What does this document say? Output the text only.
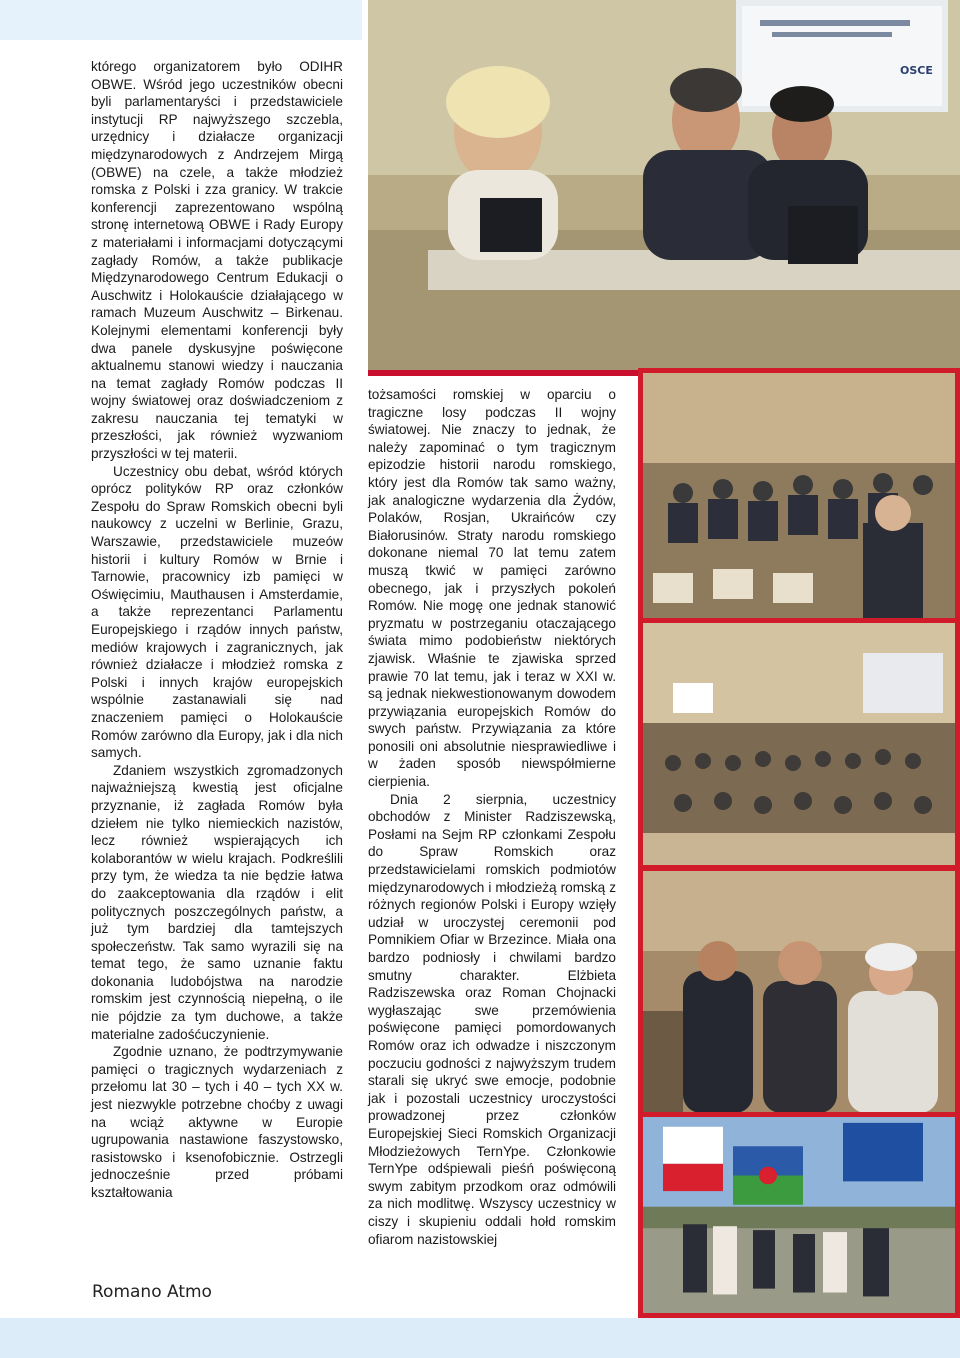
którego organizatorem było ODIHR OBWE. Wśród jego uczestników obecni byli parlamentaryści i przedstawiciele instytucji RP najwyższego szczebla, urzędnicy i działacze organizacji międzynarodowych z Andrzejem Mirgą (OBWE) na czele, a także młodzież romska z Polski i zza granicy. W trakcie konferencji zaprezentowano wspólną stronę internetową OBWE i Rady Europy z materiałami i informacjami dotyczącymi zagłady Romów, a także publikacje Międzynarodowego Centrum Edukacji o Auschwitz i Holokauście działającego w ramach Muzeum Auschwitz – Birkenau. Kolejnymi elementami konferencji były dwa panele dyskusyjne poświęcone aktualnemu stanowi wiedzy i nauczania na temat zagłady Romów podczas II wojny światowej oraz doświadczeniom z zakresu nauczania tej tematyki w przeszłości, jak również wyzwaniom przyszłości w tej materii.

Uczestnicy obu debat, wśród których oprócz polityków RP oraz członków Zespołu do Spraw Romskich obecni byli naukowcy z uczelni w Berlinie, Grazu, Warszawie, przedstawiciele muzeów historii i kultury Romów w Brnie i Tarnowie, pracownicy izb pamięci w Oświęcimiu, Mauthausen i Amsterdamie, a także reprezentanci Parlamentu Europejskiego i rządów innych państw, mediów krajowych i zagranicznych, jak również działacze i młodzież romska z Polski i innych krajów europejskich wspólnie zastanawiali się nad znaczeniem pamięci o Holokauście Romów zarówno dla Europy, jak i dla nich samych.

Zdaniem wszystkich zgromadzonych najważniejszą kwestią jest oficjalne przyznanie, iż zagłada Romów była dziełem nie tylko niemieckich nazistów, lecz również wspierających ich kolaborantów w wielu krajach. Podkreślili przy tym, że wiedza ta nie będzie łatwa do zaakceptowania dla rządów i elit politycznych poszczególnych państw, a już tym bardziej dla tamtejszych społeczeństw. Tak samo wyrazili się na temat tego, że samo uznanie faktu dokonania ludobójstwa na narodzie romskim jest czynnością niepełną, o ile nie pójdzie za tym duchowe, a także materialne zadośćuczynienie.

Zgodnie uznano, że podtrzymywanie pamięci o tragicznych wydarzeniach z przełomu lat 30 – tych i 40 – tych XX w. jest niezwykle potrzebne choćby z uwagi na wciąż aktywne w Europie ugrupowania nastawione faszystowsko, rasistowsko i ksenofobicznie. Ostrzegli jednocześnie przed próbami kształtowania

tożsamości romskiej w oparciu o tragiczne losy podczas II wojny światowej. Nie znaczy to jednak, że należy zapominać o tym tragicznym epizodzie historii narodu romskiego, który jest dla Romów tak samo ważny, jak analogiczne wydarzenia dla Żydów, Polaków, Rosjan, Ukraińców czy Białorusinów. Straty narodu romskiego dokonane niemal 70 lat temu zatem muszą tkwić w pamięci zarówno obecnego, jak i przyszłych pokoleń Romów. Nie mogę one jednak stanowić pryzmatu w postrzeganiu otaczającego świata mimo podobieństw niektórych zjawisk. Właśnie te zjawiska sprzed prawie 70 lat temu, jak i teraz w XXI w. są jednak niekwestionowanym dowodem przywiązania europejskich Romów do swych państw. Przywiązania za które ponosili oni absolutnie niesprawiedliwe i w żaden sposób niewspółmierne cierpienia.

Dnia 2 sierpnia, uczestnicy obchodów z Minister Radziszewską, Posłami na Sejm RP członkami Zespołu do Spraw Romskich oraz przedstawicielami romskich podmiotów międzynarodowych i młodzieżą romską z różnych regionów Polski i Europy wzięły udział w uroczystej ceremonii pod Pomnikiem Ofiar w Brzezince. Miała ona bardzo podniosły i chwilami bardzo smutny charakter. Elżbieta Radziszewska oraz Roman Chojnacki wygłaszając swe przemówienia poświęcone pamięci pomordowanych Romów oraz ich odwadze i niszczonym poczuciu godności z najwyższym trudem starali się ukryć swe emocje, podobnie jak i pozostali uczestnicy uroczystości prowadzonej przez członków Europejskiej Sieci Romskich Organizacji Młodzieżowych TernYpe. Członkowie TernYpe odśpiewali pieśń poświęconą swym zabitym przodkom oraz odmówili za nich modlitwę. Wszyscy uczestnicy w ciszy i skupieniu oddali hołd romskim ofiarom nazistowskiej

Romano Atmo
OSCE
